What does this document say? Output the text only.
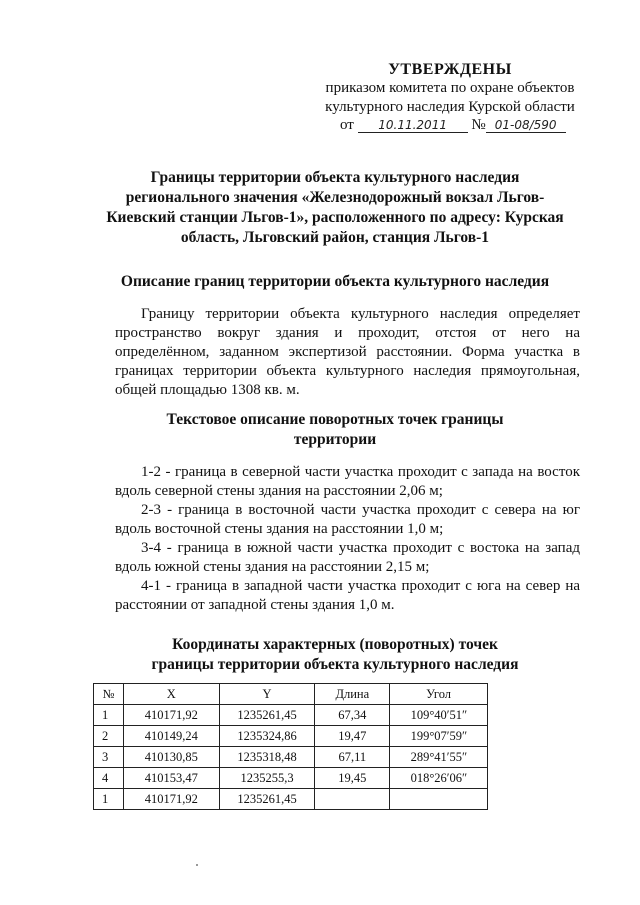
УТВЕРЖДЕНЫ
приказом комитета по охране объектов
культурного наследия Курской области
от 10.11.2011 № 01-08/590
Границы территории объекта культурного наследия регионального значения «Железнодорожный вокзал Льгов-Киевский станции Льгов-1», расположенного по адресу: Курская область, Льговский район, станция Льгов-1
Описание границ территории объекта культурного наследия

Границу территории объекта культурного наследия определяет пространство вокруг здания и проходит, отстоя от него на определённом, заданном экспертизой расстоянии. Форма участка в границах территории объекта культурного наследия прямоугольная, общей площадью 1308 кв. м.

Текстовое описание поворотных точек границы территории

1-2 - граница в северной части участка проходит с запада на восток вдоль северной стены здания на расстоянии 2,06 м;

2-3 - граница в восточной части участка проходит с севера на юг вдоль восточной стены здания на расстоянии 1,0 м;

3-4 - граница в южной части участка проходит с востока на запад вдоль южной стены здания на расстоянии 2,15 м;

4-1 - граница в западной части участка проходит с юга на север на расстоянии от западной стены здания 1,0 м.

Координаты характерных (поворотных) точек
границы территории объекта культурного наследия
№	X	Y	Длина	Угол
1	410171,92	1235261,45	67,34	109°40ʹ51ʺ
2	410149,24	1235324,86	19,47	199°07ʹ59ʺ
3	410130,85	1235318,48	67,11	289°41ʹ55ʺ
4	410153,47	1235255,3	19,45	018°26ʹ06ʺ
1	410171,92	1235261,45		
